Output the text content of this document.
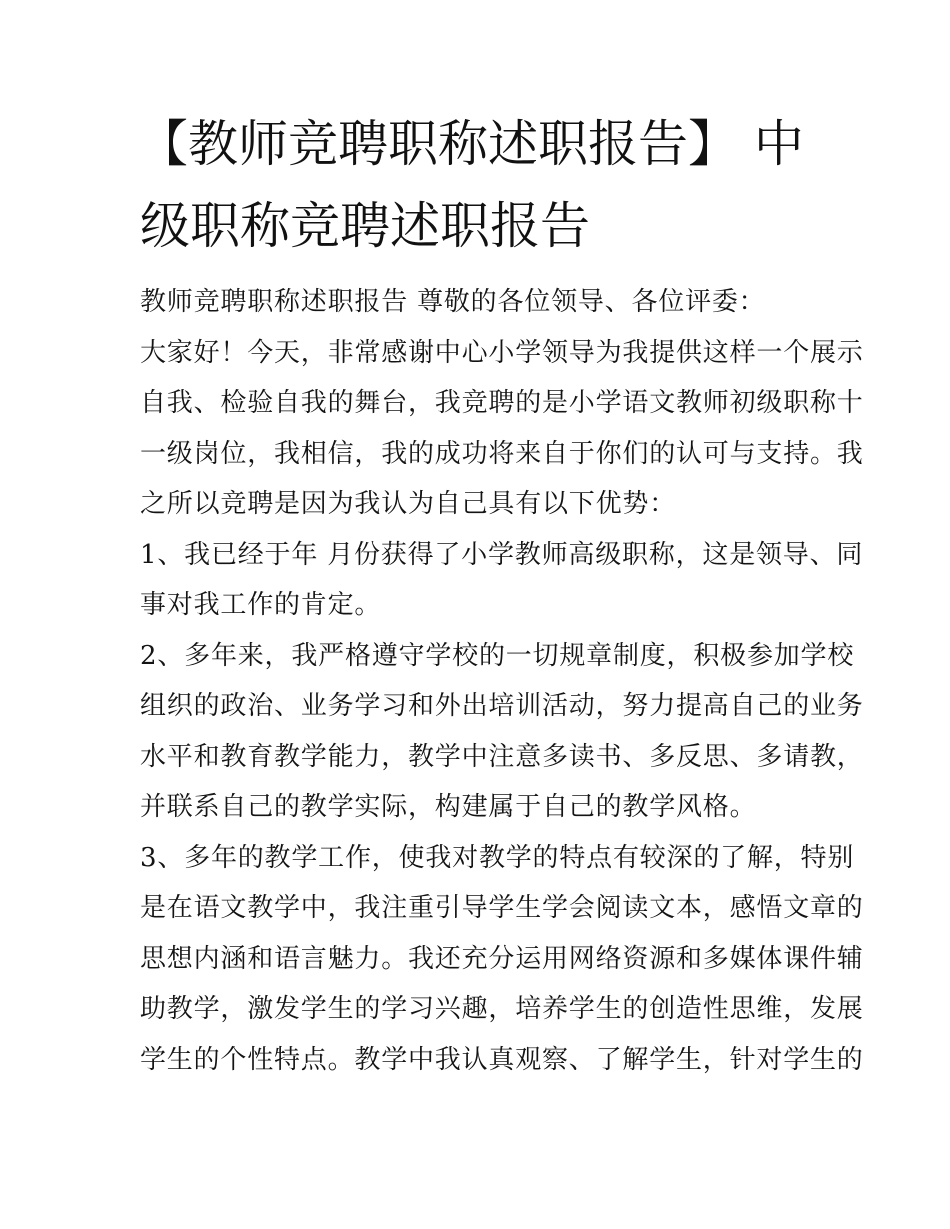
【教师竞聘职称述职报告】 中
级职称竞聘述职报告
教师竞聘职称述职报告 尊敬的各位领导、各位评委：
大家好！今天，非常感谢中心小学领导为我提供这样一个展示
自我、检验自我的舞台，我竞聘的是小学语文教师初级职称十
一级岗位，我相信，我的成功将来自于你们的认可与支持。我
之所以竞聘是因为我认为自己具有以下优势：
1、我已经于年 月份获得了小学教师高级职称，这是领导、同
事对我工作的肯定。
2、多年来，我严格遵守学校的一切规章制度，积极参加学校
组织的政治、业务学习和外出培训活动，努力提高自己的业务
水平和教育教学能力，教学中注意多读书、多反思、多请教，
并联系自己的教学实际，构建属于自己的教学风格。
3、多年的教学工作，使我对教学的特点有较深的了解，特别
是在语文教学中，我注重引导学生学会阅读文本，感悟文章的
思想内涵和语言魅力。我还充分运用网络资源和多媒体课件辅
助教学，激发学生的学习兴趣，培养学生的创造性思维，发展
学生的个性特点。教学中我认真观察、了解学生，针对学生的
